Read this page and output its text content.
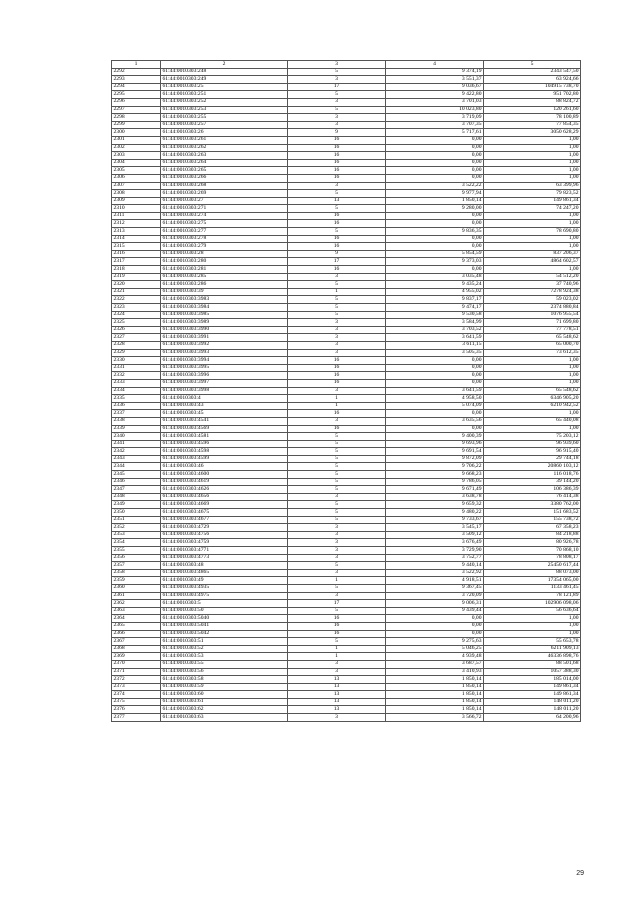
1	2	3	4	5
2292	61:44:0010303:248	5	9 374,19	2343 547,50
2293	61:44:0010303:249	3	3 551,37	63 924,66
2294	61:44:0010303:25	17	9 036,67	104915 738,70
2295	61:44:0010303:251	5	9 422,80	951 702,80
2296	61:44:0010303:252	3	3 701,03	88 824,72
2297	61:44:0010303:253	5	10 023,80	120 261,60
2298	61:44:0010303:255	3	3 719,09	78 100,89
2299	61:44:0010303:257	3	3 707,35	77 854,35
2300	61:44:0010303:26	9	5 717,61	3050 628,29
2301	61:44:0010303:261	16	0,00	1,00
2302	61:44:0010303:262	16	0,00	1,00
2303	61:44:0010303:263	16	0,00	1,00
2304	61:44:0010303:264	16	0,00	1,00
2305	61:44:0010303:265	16	0,00	1,00
2306	61:44:0010303:266	16	0,00	1,00
2307	61:44:0010303:268	3	3 522,22	63 399,96
2308	61:44:0010303:269	5	9 977,94	79 823,52
2309	61:44:0010303:27	13	1 850,14	149 861,34
2310	61:44:0010303:271	5	9 280,00	74 247,20
2311	61:44:0010303:274	16	0,00	1,00
2312	61:44:0010303:275	16	0,00	1,00
2313	61:44:0010303:277	5	9 836,35	78 690,80
2314	61:44:0010303:278	16	0,00	1,00
2315	61:44:0010303:279	16	0,00	1,00
2316	61:44:0010303:28	9	5 854,59	837 206,37
2317	61:44:0010303:280	17	9 373,03	4864 602,57
2318	61:44:0010303:281	16	0,00	1,00
2319	61:44:0010303:285	3	3 035,48	54 512,20
2320	61:44:0010303:286	5	9 435,24	37 740,96
2321	61:44:0010303:39	1	4 955,02	7278 924,38
2322	61:44:0010303:3983	5	9 837,17	59 023,02
2323	61:44:0010303:3984	5	9 474,17	2374 880,84
2324	61:44:0010303:3985	5	9 530,58	1076 955,54
2325	61:44:0010303:3989	3	3 584,99	71 699,80
2326	61:44:0010303:3990	3	3 703,52	77 778,51
2327	61:44:0010303:3991	3	3 641,59	65 548,62
2328	61:44:0010303:3992	3	3 611,15	65 000,70
2329	61:44:0010303:3993	3	3 505,35	73 612,35
2330	61:44:0010303:3994	16	0,00	1,00
2331	61:44:0010303:3995	16	0,00	1,00
2332	61:44:0010303:3996	16	0,00	1,00
2333	61:44:0010303:3997	16	0,00	1,00
2334	61:44:0010303:3998	3	3 641,59	65 548,62
2335	61:44:0010303:4	1	4 958,50	6346 905,20
2336	61:44:0010303:43	1	5 074,09	6210 942,52
2337	61:44:0010303:45	16	0,00	1,00
2338	61:44:0010303:4541	3	3 635,56	65 440,08
2339	61:44:0010303:4569	16	0,00	1,00
2340	61:44:0010303:4581	5	9 400,39	75 203,12
2341	61:44:0010303:4596	5	9 693,96	96 939,60
2342	61:44:0010303:4598	5	9 691,54	96 915,40
2343	61:44:0010303:4599	5	9 872,09	29 744,18
2344	61:44:0010303:46	5	9 706,22	20860 103,12
2345	61:44:0010303:4600	5	9 668,23	116 018,76
2346	61:44:0010303:4619	5	9 786,05	39 144,20
2347	61:44:0010303:4626	5	9 671,49	106 386,39
2348	61:44:0010303:4656	3	3 638,78	76 414,38
2349	61:44:0010303:4669	5	9 659,32	3380 762,00
2350	61:44:0010303:4675	5	9 480,22	151 683,52
2351	61:44:0010303:4677	5	9 733,67	155 738,72
2352	61:44:0010303:4729	3	3 545,17	67 358,23
2353	61:44:0010303:4756	3	3 509,12	84 218,88
2354	61:44:0010303:4759	3	3 676,49	80 926,78
2355	61:44:0010303:4771	3	3 729,90	70 868,10
2356	61:44:0010303:4773	3	3 752,77	78 808,17
2357	61:44:0010303:48	5	9 440,14	25450 617,44
2358	61:44:0010303:4865	3	3 522,92	88 073,00
2359	61:44:0010303:49	1	4 918,51	17354 065,00
2360	61:44:0010303:4935	5	9 367,45	1133 461,45
2361	61:44:0010303:4975	3	3 720,09	78 121,89
2362	61:44:0010303:5	17	9 006,31	102906 098,06
2363	61:44:0010303:50	5	9 439,44	56 636,64
2364	61:44:0010303:5040	16	0,00	1,00
2365	61:44:0010303:5041	16	0,00	1,00
2366	61:44:0010303:5042	16	0,00	1,00
2367	61:44:0010303:51	5	9 275,63	55 653,78
2368	61:44:0010303:52	1	5 046,25	6211 909,13
2369	61:44:0010303:53	1	4 939,48	46336 898,76
2370	61:44:0010303:55	3	3 687,57	88 501,68
2371	61:44:0010303:56	3	3 410,93	1057 388,30
2372	61:44:0010303:58	13	1 850,14	185 014,00
2373	61:44:0010303:59	13	1 850,14	149 861,34
2374	61:44:0010303:60	13	1 850,14	149 861,34
2375	61:44:0010303:61	13	1 850,14	148 011,20
2376	61:44:0010303:62	13	1 850,14	148 011,20
2377	61:44:0010303:63	3	3 566,72	64 200,96
29
